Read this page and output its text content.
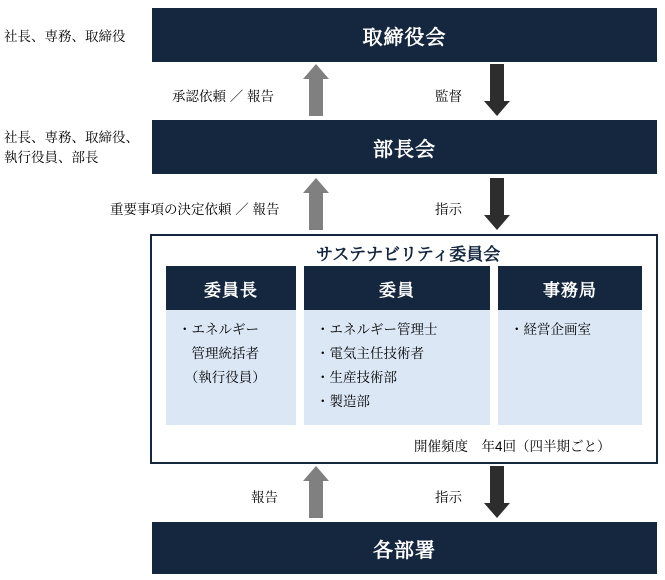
取締役会
社長、専務、取締役
承認依頼 ／ 報告	監督
部長会
社長、専務、取締役、
執行役員、部長
重要事項の決定依頼 ／ 報告	指示
サステナビリティ委員会
委員長
・エネルギー
　管理統括者
　（執行役員）
委員
・エネルギー管理士
・電気主任技術者
・生産技術部
・製造部
事務局
・経営企画室
開催頻度　年4回（四半期ごと）
報告	指示
各部署
